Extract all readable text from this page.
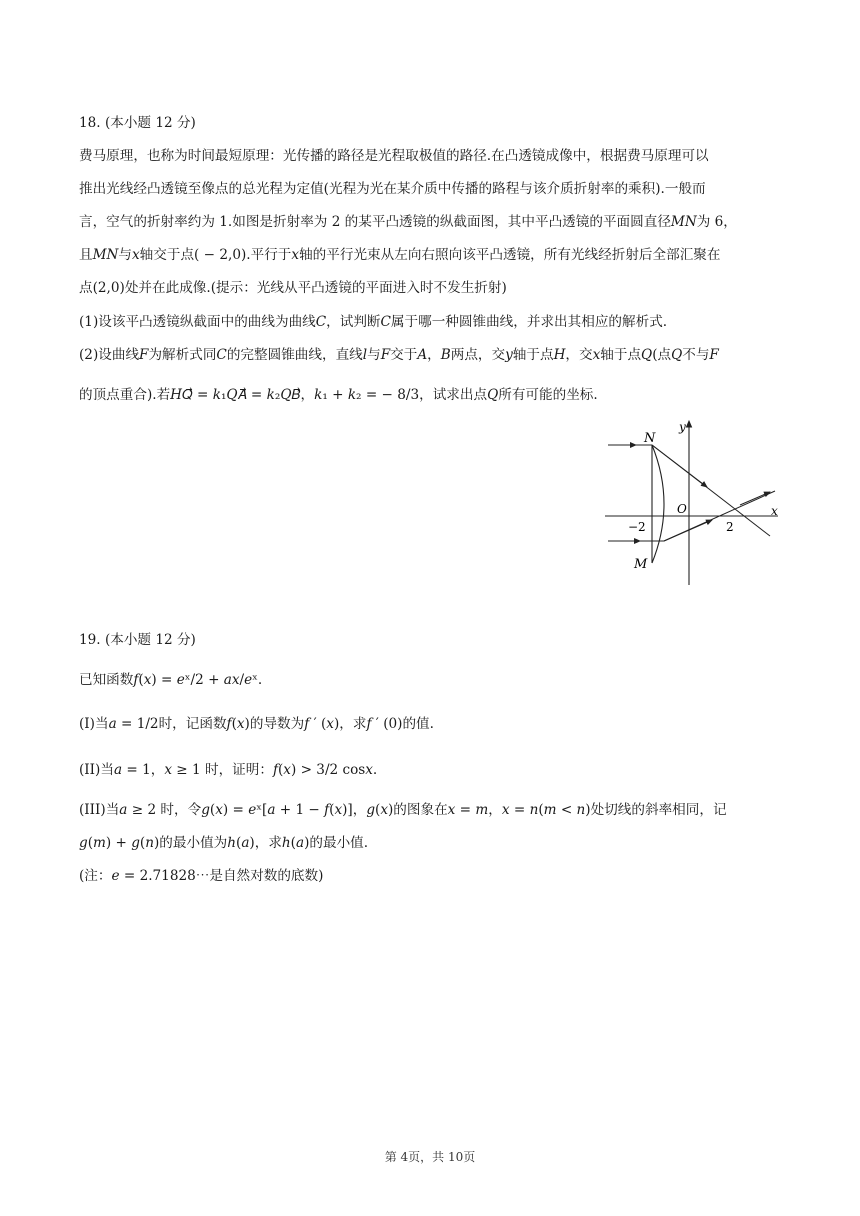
18. (本小题 12 分)
费马原理，也称为时间最短原理：光传播的路径是光程取极值的路径.在凸透镜成像中，根据费马原理可以
推出光线经凸透镜至像点的总光程为定值(光程为光在某介质中传播的路程与该介质折射率的乘积).一般而
言，空气的折射率约为 1.如图是折射率为 2 的某平凸透镜的纵截面图，其中平凸透镜的平面圆直径𝑀𝑁为 6，
且𝑀𝑁与𝑥轴交于点( − 2,0).平行于𝑥轴的平行光束从左向右照向该平凸透镜，所有光线经折射后全部汇聚在
点(2,0)处并在此成像.(提示：光线从平凸透镜的平面进入时不发生折射)
(1)设该平凸透镜纵截面中的曲线为曲线𝐶，试判断𝐶属于哪一种圆锥曲线，并求出其相应的解析式.
(2)设曲线𝐹为解析式同𝐶的完整圆锥曲线，直线𝑙与𝐹交于𝐴，𝐵两点，交𝑦轴于点𝐻，交𝑥轴于点𝑄(点𝑄不与𝐹
的顶点重合).若𝐻𝑄⃗ = 𝑘₁𝑄𝐴⃗ = 𝑘₂𝑄𝐵⃗，𝑘₁ + 𝑘₂ = − 8/3，试求出点𝑄所有可能的坐标.
N
M
y
x
O
−2	2
19. (本小题 12 分)
已知函数𝑓(𝑥) = 𝑒ˣ/2 + 𝑎𝑥/𝑒ˣ.
(I)当𝑎 = 1/2时，记函数𝑓(𝑥)的导数为𝑓 ′ (𝑥)，求𝑓 ′ (0)的值.
(II)当𝑎 = 1，𝑥 ≥ 1 时，证明：𝑓(𝑥) > 3/2 cos𝑥.
(III)当𝑎 ≥ 2 时，令𝑔(𝑥) = 𝑒ˣ[𝑎 + 1 − 𝑓(𝑥)]，𝑔(𝑥)的图象在𝑥 = 𝑚，𝑥 = 𝑛(𝑚 < 𝑛)处切线的斜率相同，记
𝑔(𝑚) + 𝑔(𝑛)的最小值为ℎ(𝑎)，求ℎ(𝑎)的最小值.
(注：𝑒 = 2.71828⋯是自然对数的底数)
第 4页，共 10页
